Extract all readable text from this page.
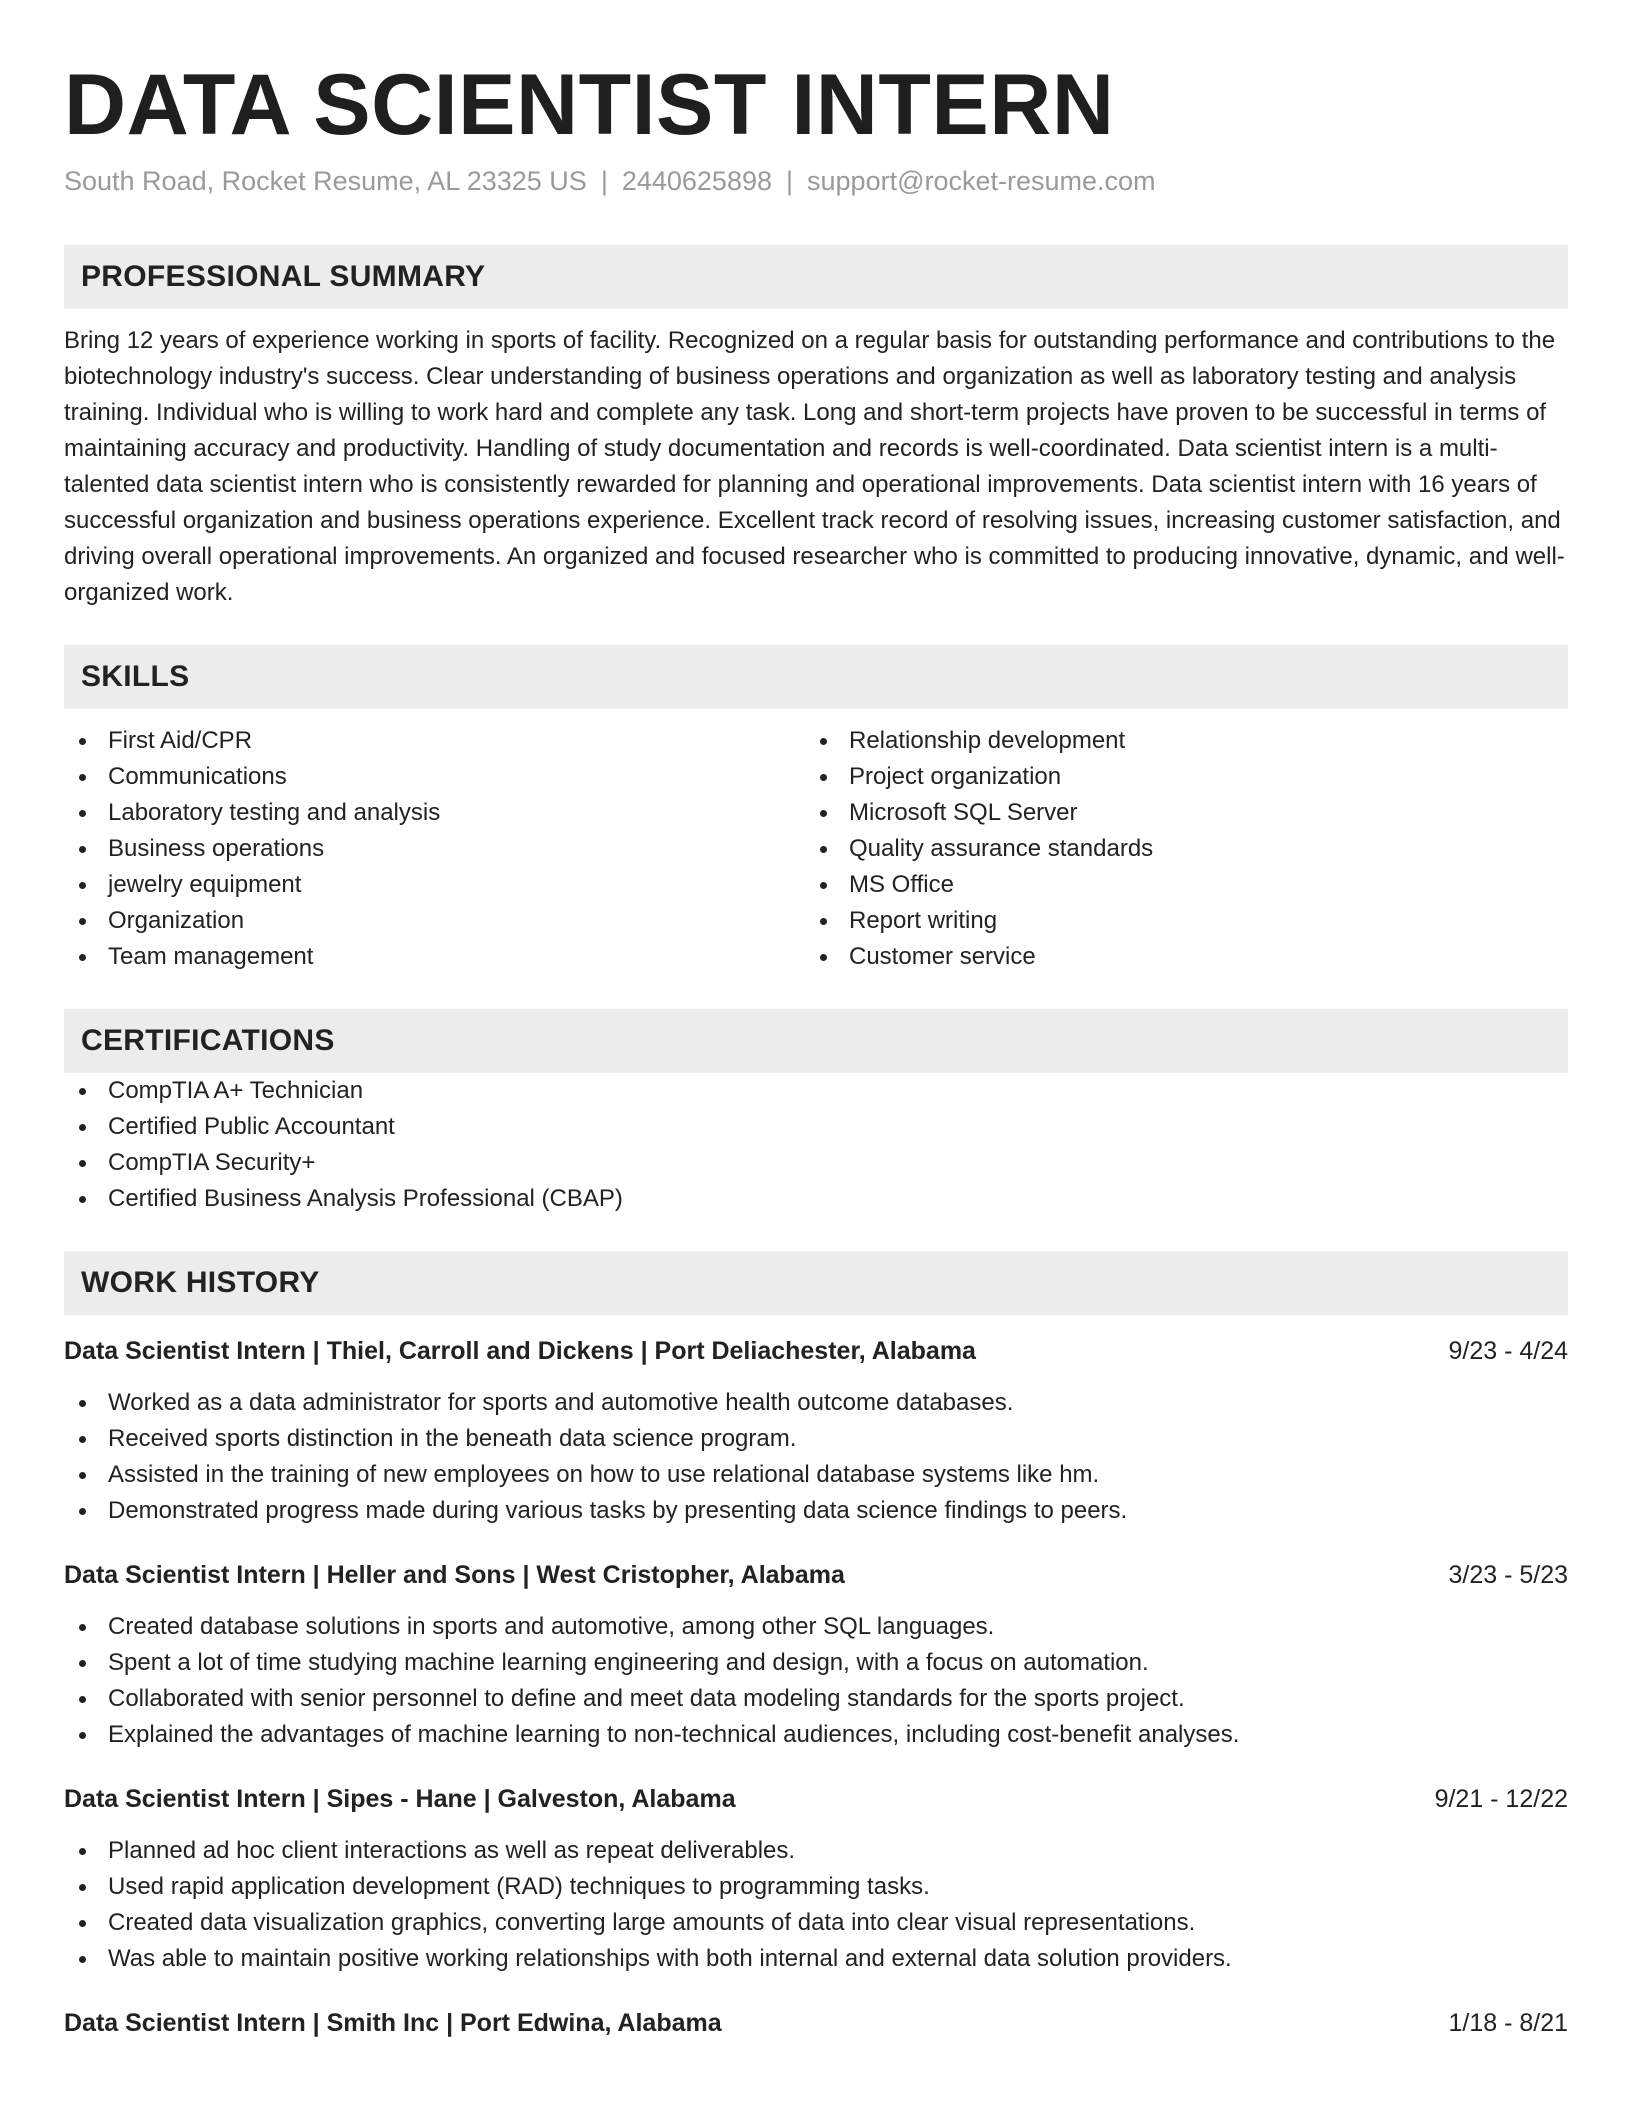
DATA SCIENTIST INTERN
South Road, Rocket Resume, AL 23325 US | 2440625898 | support@rocket-resume.com
PROFESSIONAL SUMMARY

Bring 12 years of experience working in sports of facility. Recognized on a regular basis for outstanding performance and contributions to the biotechnology industry's success. Clear understanding of business operations and organization as well as laboratory testing and analysis training. Individual who is willing to work hard and complete any task. Long and short-term projects have proven to be successful in terms of maintaining accuracy and productivity. Handling of study documentation and records is well-coordinated. Data scientist intern is a multi-talented data scientist intern who is consistently rewarded for planning and operational improvements. Data scientist intern with 16 years of successful organization and business operations experience. Excellent track record of resolving issues, increasing customer satisfaction, and driving overall operational improvements. An organized and focused researcher who is committed to producing innovative, dynamic, and well-organized work.

SKILLS
First Aid/CPR
Communications
Laboratory testing and analysis
Business operations
jewelry equipment
Organization
Team management
Relationship development
Project organization
Microsoft SQL Server
Quality assurance standards
MS Office
Report writing
Customer service
CERTIFICATIONS
CompTIA A+ Technician
Certified Public Accountant
CompTIA Security+
Certified Business Analysis Professional (CBAP)
WORK HISTORY
Data Scientist Intern | Thiel, Carroll and Dickens | Port Deliachester, Alabama	9/23 - 4/24
Worked as a data administrator for sports and automotive health outcome databases.
Received sports distinction in the beneath data science program.
Assisted in the training of new employees on how to use relational database systems like hm.
Demonstrated progress made during various tasks by presenting data science findings to peers.
Data Scientist Intern | Heller and Sons | West Cristopher, Alabama	3/23 - 5/23
Created database solutions in sports and automotive, among other SQL languages.
Spent a lot of time studying machine learning engineering and design, with a focus on automation.
Collaborated with senior personnel to define and meet data modeling standards for the sports project.
Explained the advantages of machine learning to non-technical audiences, including cost-benefit analyses.
Data Scientist Intern | Sipes - Hane | Galveston, Alabama	9/21 - 12/22
Planned ad hoc client interactions as well as repeat deliverables.
Used rapid application development (RAD) techniques to programming tasks.
Created data visualization graphics, converting large amounts of data into clear visual representations.
Was able to maintain positive working relationships with both internal and external data solution providers.
Data Scientist Intern | Smith Inc | Port Edwina, Alabama	1/18 - 8/21
